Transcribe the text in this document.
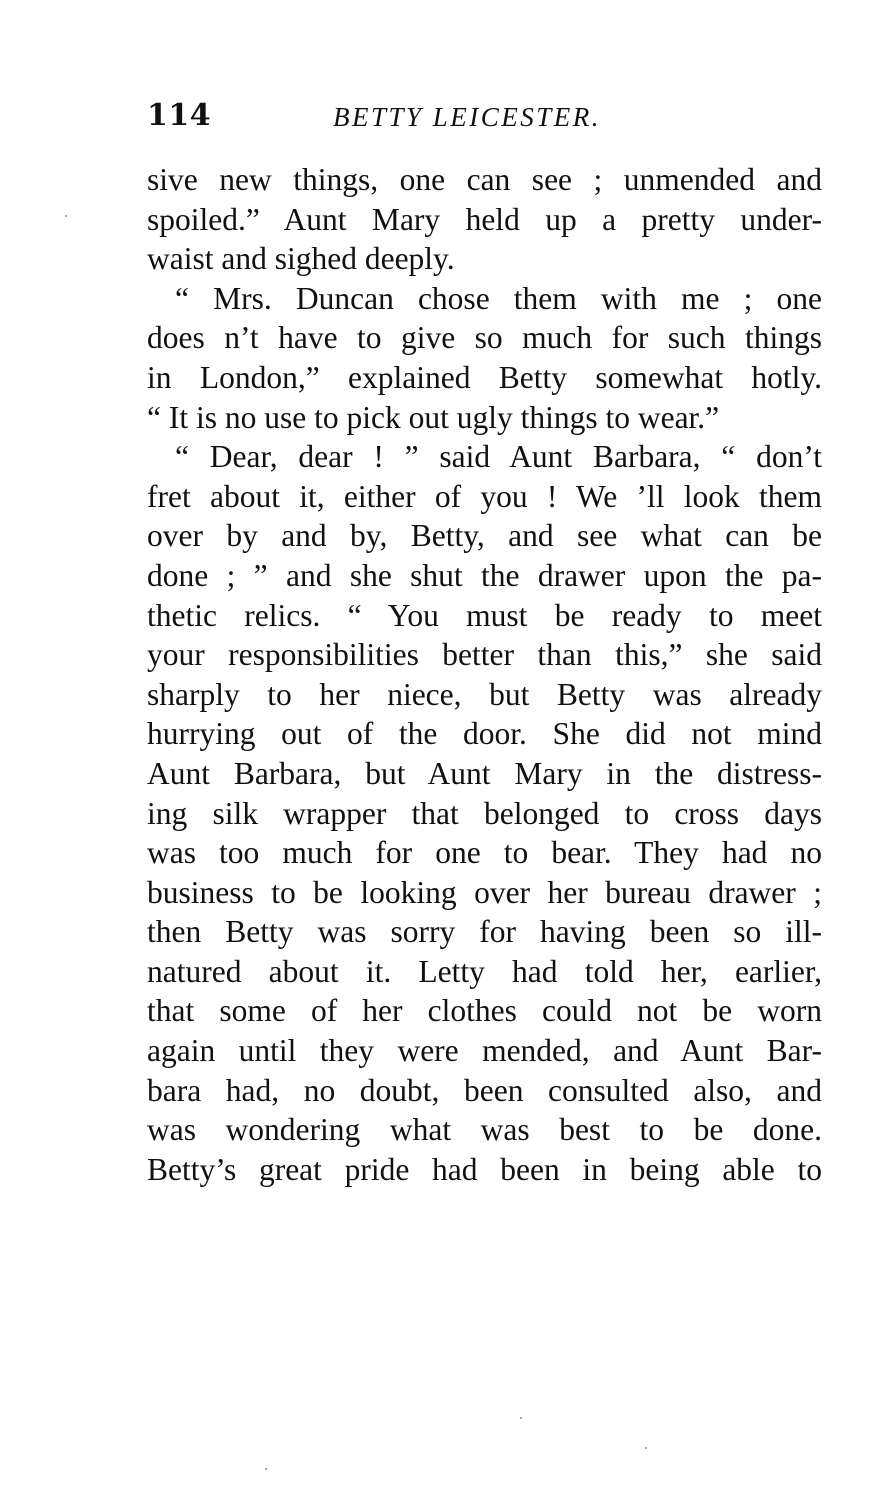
114	BETTY LEICESTER.
sive new things, one can see ; unmended and
spoiled.” Aunt Mary held up a pretty under-
waist and sighed deeply.
“ Mrs. Duncan chose them with me ; one
does n’t have to give so much for such things
in London,” explained Betty somewhat hotly.
“ It is no use to pick out ugly things to wear.”
“ Dear, dear ! ” said Aunt Barbara, “ don’t
fret about it, either of you ! We ’ll look them
over by and by, Betty, and see what can be
done ; ” and she shut the drawer upon the pa-
thetic relics. “ You must be ready to meet
your responsibilities better than this,” she said
sharply to her niece, but Betty was already
hurrying out of the door. She did not mind
Aunt Barbara, but Aunt Mary in the distress-
ing silk wrapper that belonged to cross days
was too much for one to bear. They had no
business to be looking over her bureau drawer ;
then Betty was sorry for having been so ill-
natured about it. Letty had told her, earlier,
that some of her clothes could not be worn
again until they were mended, and Aunt Bar-
bara had, no doubt, been consulted also, and
was wondering what was best to be done.
Betty’s great pride had been in being able to
